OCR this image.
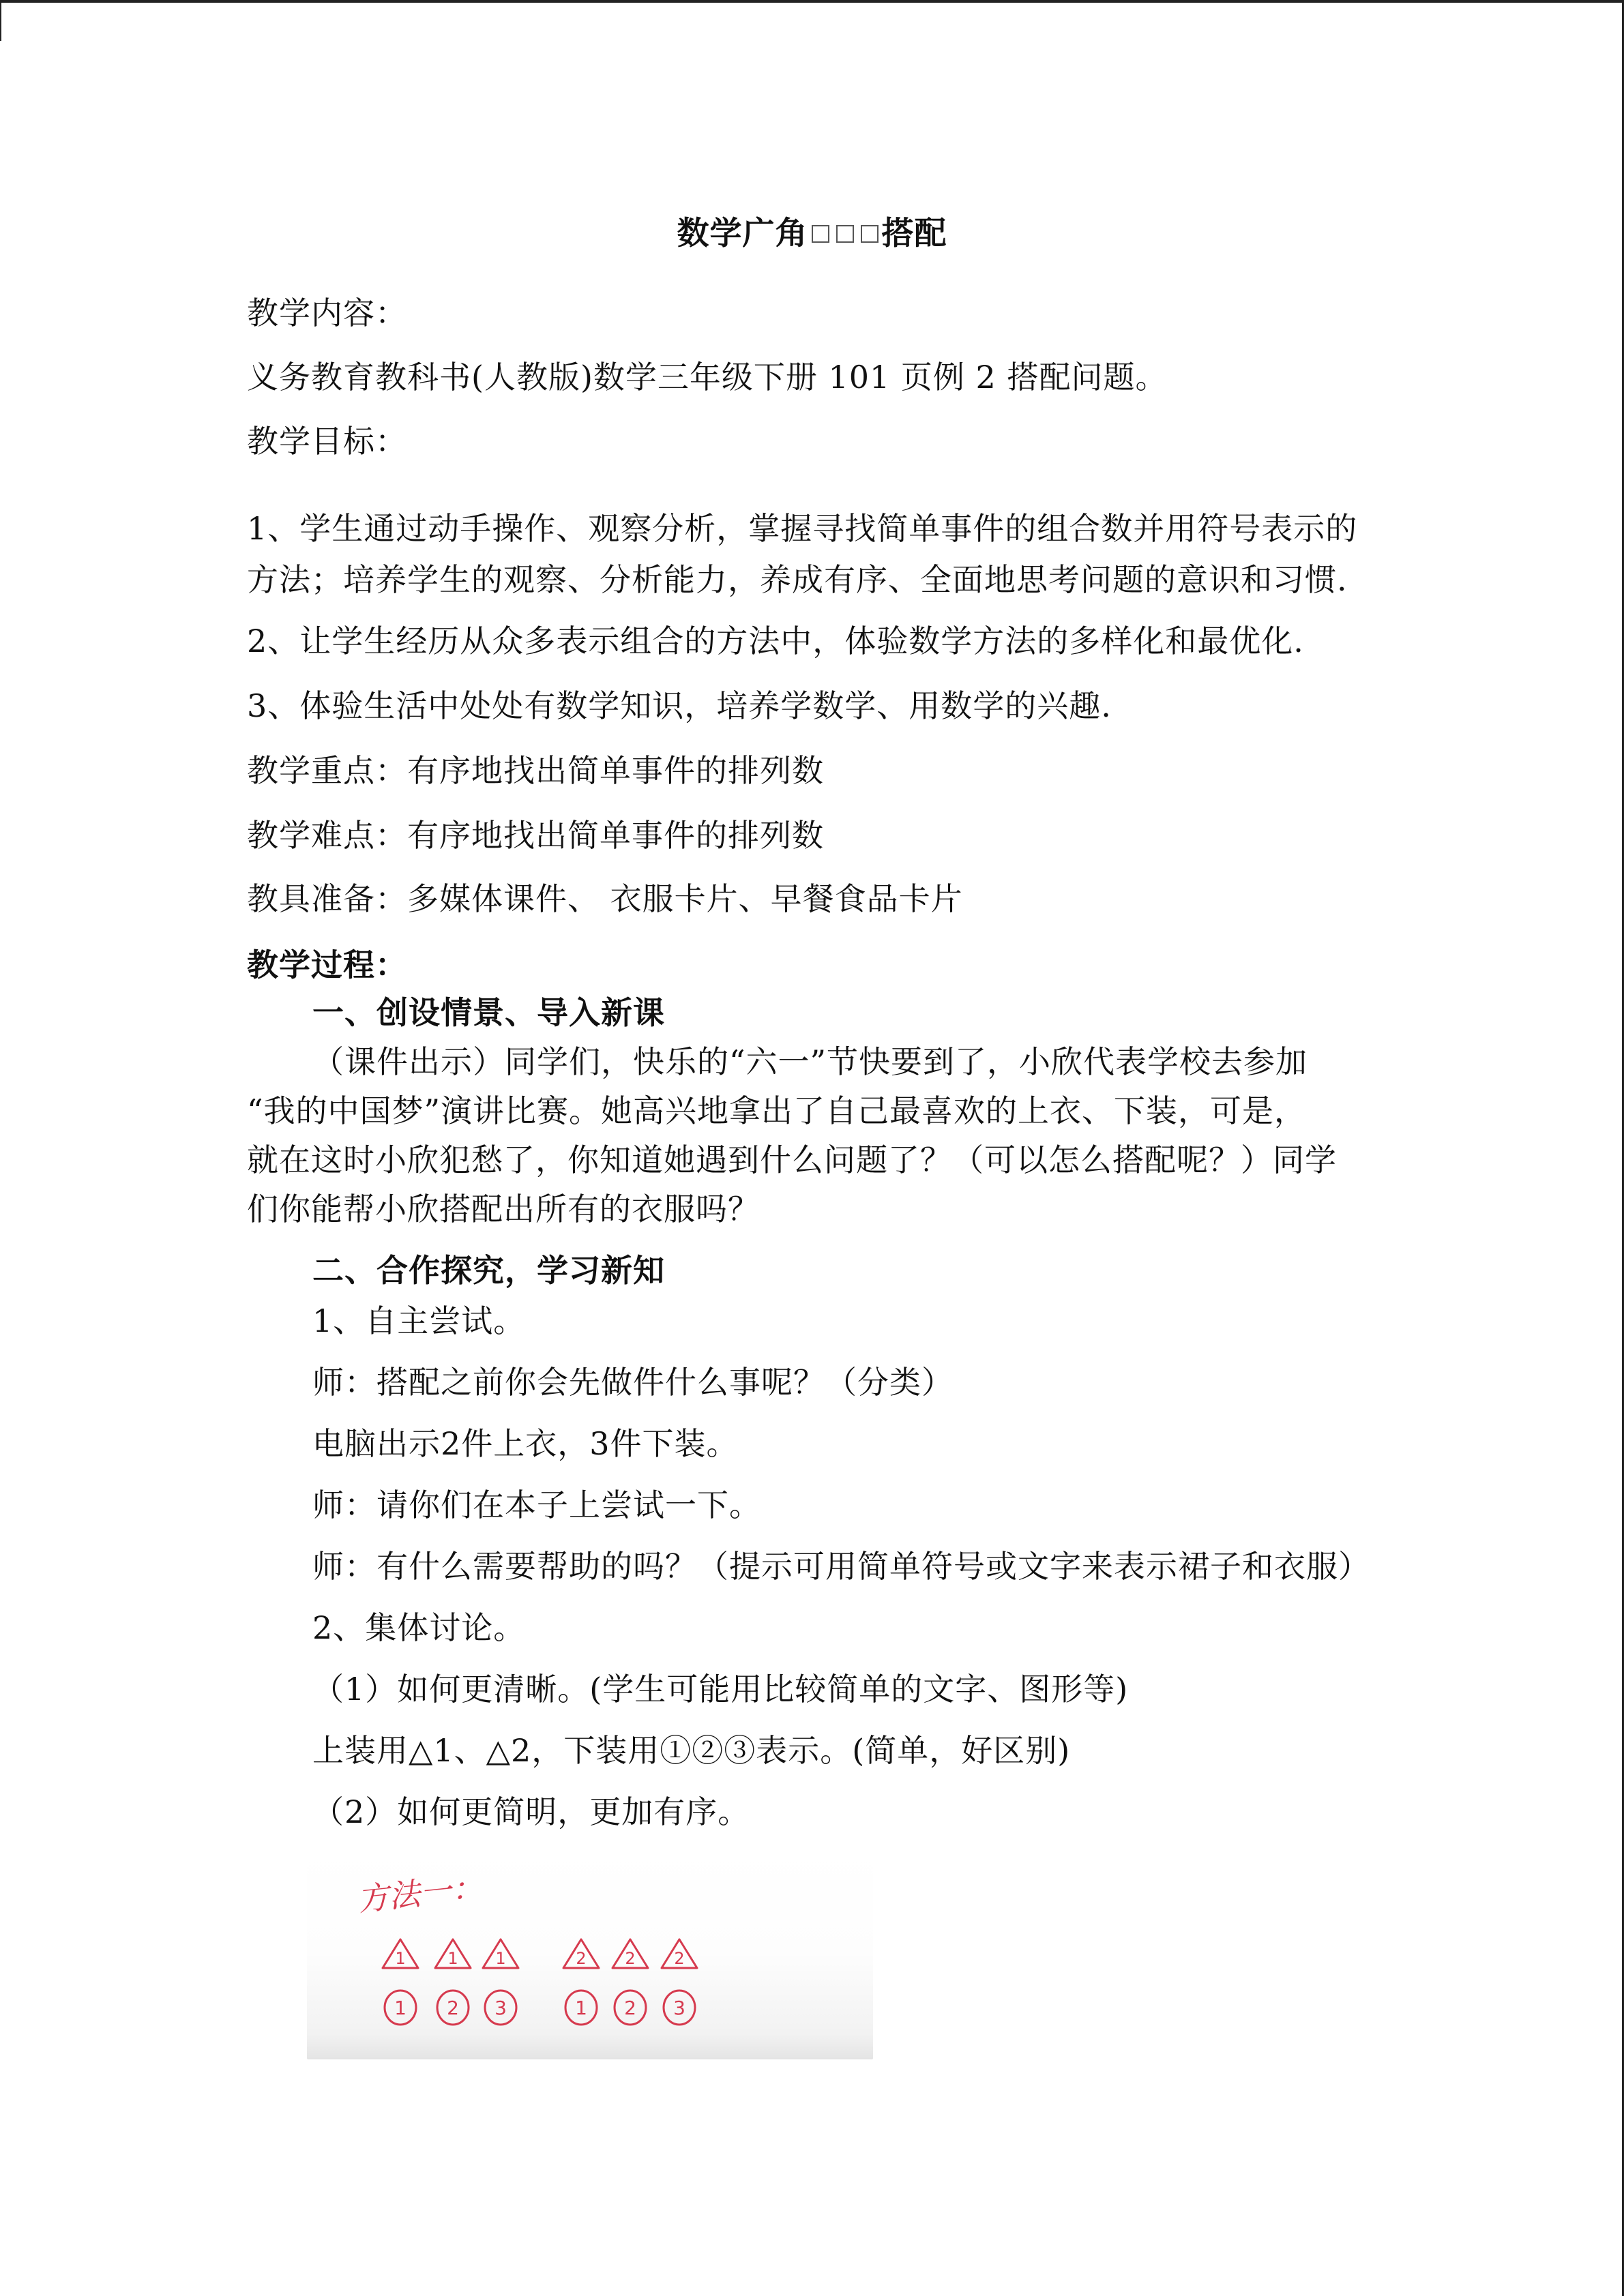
数学广角 搭配
教学内容：
义务教育教科书(人教版)数学三年级下册 101 页例 2 搭配问题。
教学目标：
1、学生通过动手操作、观察分析，掌握寻找简单事件的组合数并用符号表示的
方法；培养学生的观察、分析能力，养成有序、全面地思考问题的意识和习惯.
2、让学生经历从众多表示组合的方法中，体验数学方法的多样化和最优化.
3、体验生活中处处有数学知识，培养学数学、用数学的兴趣.
教学重点：有序地找出简单事件的排列数
教学难点：有序地找出简单事件的排列数
教具准备：多媒体课件、 衣服卡片、早餐食品卡片
教学过程：
一、创设情景、导入新课
（课件出示）同学们，快乐的“六一”节快要到了，小欣代表学校去参加
“我的中国梦”演讲比赛。她高兴地拿出了自己最喜欢的上衣、下装，可是，
就在这时小欣犯愁了，你知道她遇到什么问题了？（可以怎么搭配呢？）同学
们你能帮小欣搭配出所有的衣服吗？
二、合作探究，学习新知
1、自主尝试。
师：搭配之前你会先做件什么事呢？（分类）
电脑出示2件上衣，3件下装。
师：请你们在本子上尝试一下。
师：有什么需要帮助的吗？（提示可用简单符号或文字来表示裙子和衣服）
2、集体讨论。
（1）如何更清晰。(学生可能用比较简单的文字、图形等)
上装用△1、△2，下装用①②③表示。(简单，好区别)
（2）如何更简明，更加有序。
方法一：
1	1 1	2 2 2
1 2 3	1 2 3
